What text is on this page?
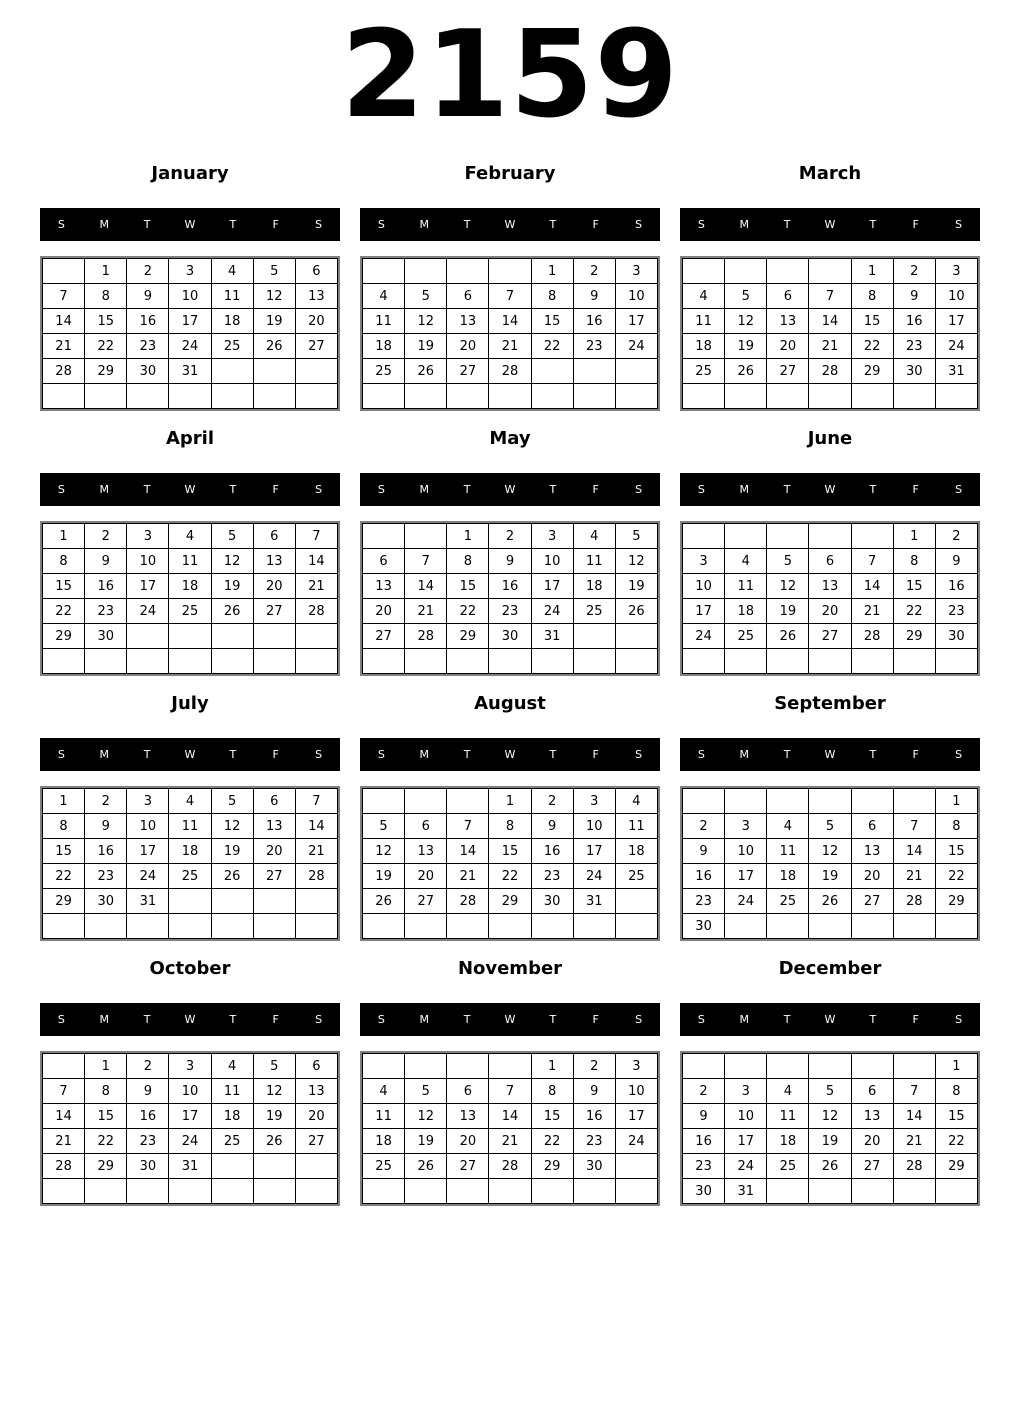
2159
January
S	M	T	W	T	F	S
	1	2	3	4	5	6
7	8	9	10	11	12	13
14	15	16	17	18	19	20
21	22	23	24	25	26	27
28	29	30	31			

February
S	M	T	W	T	F	S
				1	2	3
4	5	6	7	8	9	10
11	12	13	14	15	16	17
18	19	20	21	22	23	24
25	26	27	28			

March
S	M	T	W	T	F	S
				1	2	3
4	5	6	7	8	9	10
11	12	13	14	15	16	17
18	19	20	21	22	23	24
25	26	27	28	29	30	31

April
S	M	T	W	T	F	S
1	2	3	4	5	6	7
8	9	10	11	12	13	14
15	16	17	18	19	20	21
22	23	24	25	26	27	28
29	30					

May
S	M	T	W	T	F	S
		1	2	3	4	5
6	7	8	9	10	11	12
13	14	15	16	17	18	19
20	21	22	23	24	25	26
27	28	29	30	31		

June
S	M	T	W	T	F	S
					1	2
3	4	5	6	7	8	9
10	11	12	13	14	15	16
17	18	19	20	21	22	23
24	25	26	27	28	29	30

July
S	M	T	W	T	F	S
1	2	3	4	5	6	7
8	9	10	11	12	13	14
15	16	17	18	19	20	21
22	23	24	25	26	27	28
29	30	31				

August
S	M	T	W	T	F	S
			1	2	3	4
5	6	7	8	9	10	11
12	13	14	15	16	17	18
19	20	21	22	23	24	25
26	27	28	29	30	31	

September
S	M	T	W	T	F	S
						1
2	3	4	5	6	7	8
9	10	11	12	13	14	15
16	17	18	19	20	21	22
23	24	25	26	27	28	29
30						
October
S	M	T	W	T	F	S
	1	2	3	4	5	6
7	8	9	10	11	12	13
14	15	16	17	18	19	20
21	22	23	24	25	26	27
28	29	30	31			

November
S	M	T	W	T	F	S
				1	2	3
4	5	6	7	8	9	10
11	12	13	14	15	16	17
18	19	20	21	22	23	24
25	26	27	28	29	30	

December
S	M	T	W	T	F	S
						1
2	3	4	5	6	7	8
9	10	11	12	13	14	15
16	17	18	19	20	21	22
23	24	25	26	27	28	29
30	31					
